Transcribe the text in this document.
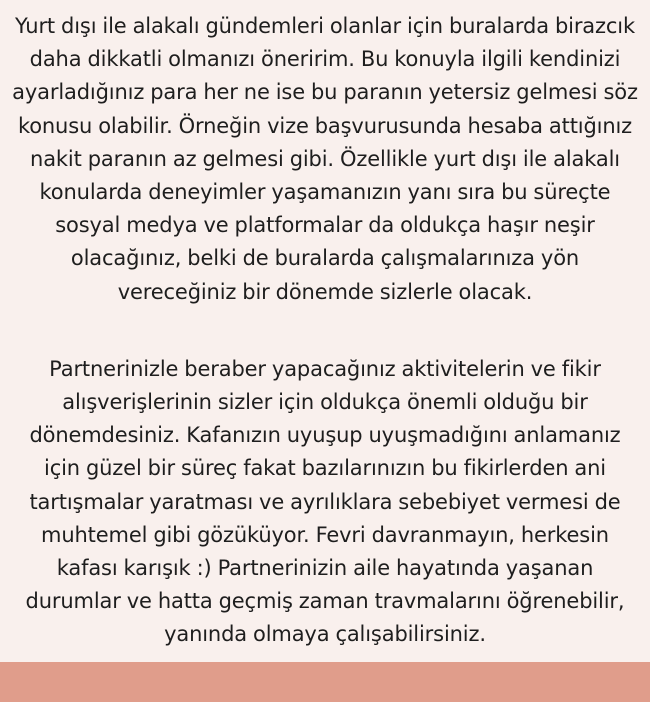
Yurt dışı ile alakalı gündemleri olanlar için buralarda birazcık
daha dikkatli olmanızı öneririm. Bu konuyla ilgili kendinizi
ayarladığınız para her ne ise bu paranın yetersiz gelmesi söz
konusu olabilir. Örneğin vize başvurusunda hesaba attığınız
nakit paranın az gelmesi gibi. Özellikle yurt dışı ile alakalı
konularda deneyimler yaşamanızın yanı sıra bu süreçte
sosyal medya ve platformalar da oldukça haşır neşir
olacağınız, belki de buralarda çalışmalarınıza yön
vereceğiniz bir dönemde sizlerle olacak.

Partnerinizle beraber yapacağınız aktivitelerin ve fikir
alışverişlerinin sizler için oldukça önemli olduğu bir
dönemdesiniz. Kafanızın uyuşup uyuşmadığını anlamanız
için güzel bir süreç fakat bazılarınızın bu fikirlerden ani
tartışmalar yaratması ve ayrılıklara sebebiyet vermesi de
muhtemel gibi gözüküyor. Fevri davranmayın, herkesin
kafası karışık :) Partnerinizin aile hayatında yaşanan
durumlar ve hatta geçmiş zaman travmalarını öğrenebilir,
yanında olmaya çalışabilirsiniz.
